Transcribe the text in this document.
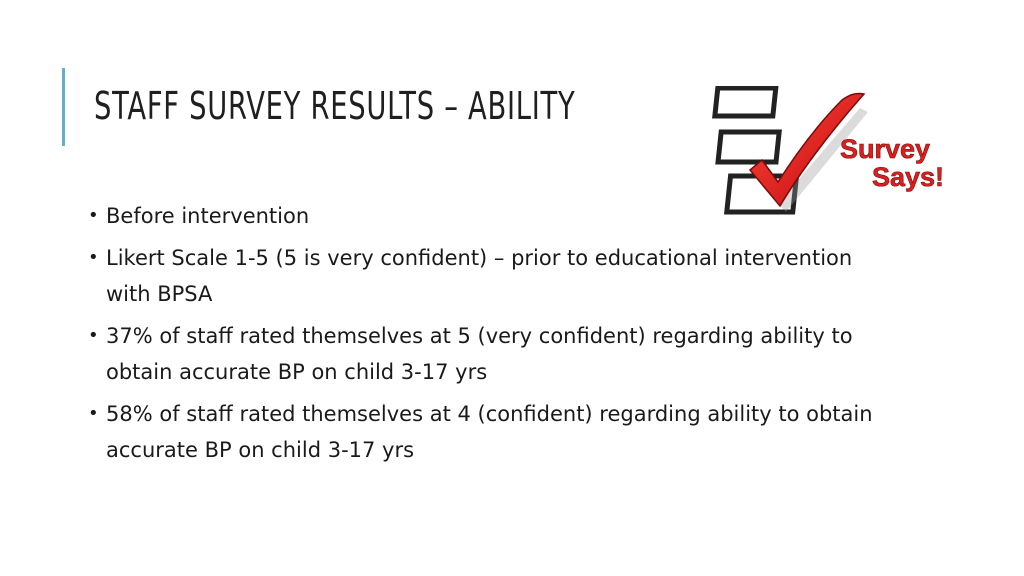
STAFF SURVEY RESULTS – ABILITY
Survey
Says!
• Before intervention
• Likert Scale 1-5 (5 is very confident) – prior to educational intervention with BPSA
• 37% of staff rated themselves at 5 (very confident) regarding ability to obtain accurate BP on child 3-17 yrs
• 58% of staff rated themselves at 4 (confident) regarding ability to obtain accurate BP on child 3-17 yrs
